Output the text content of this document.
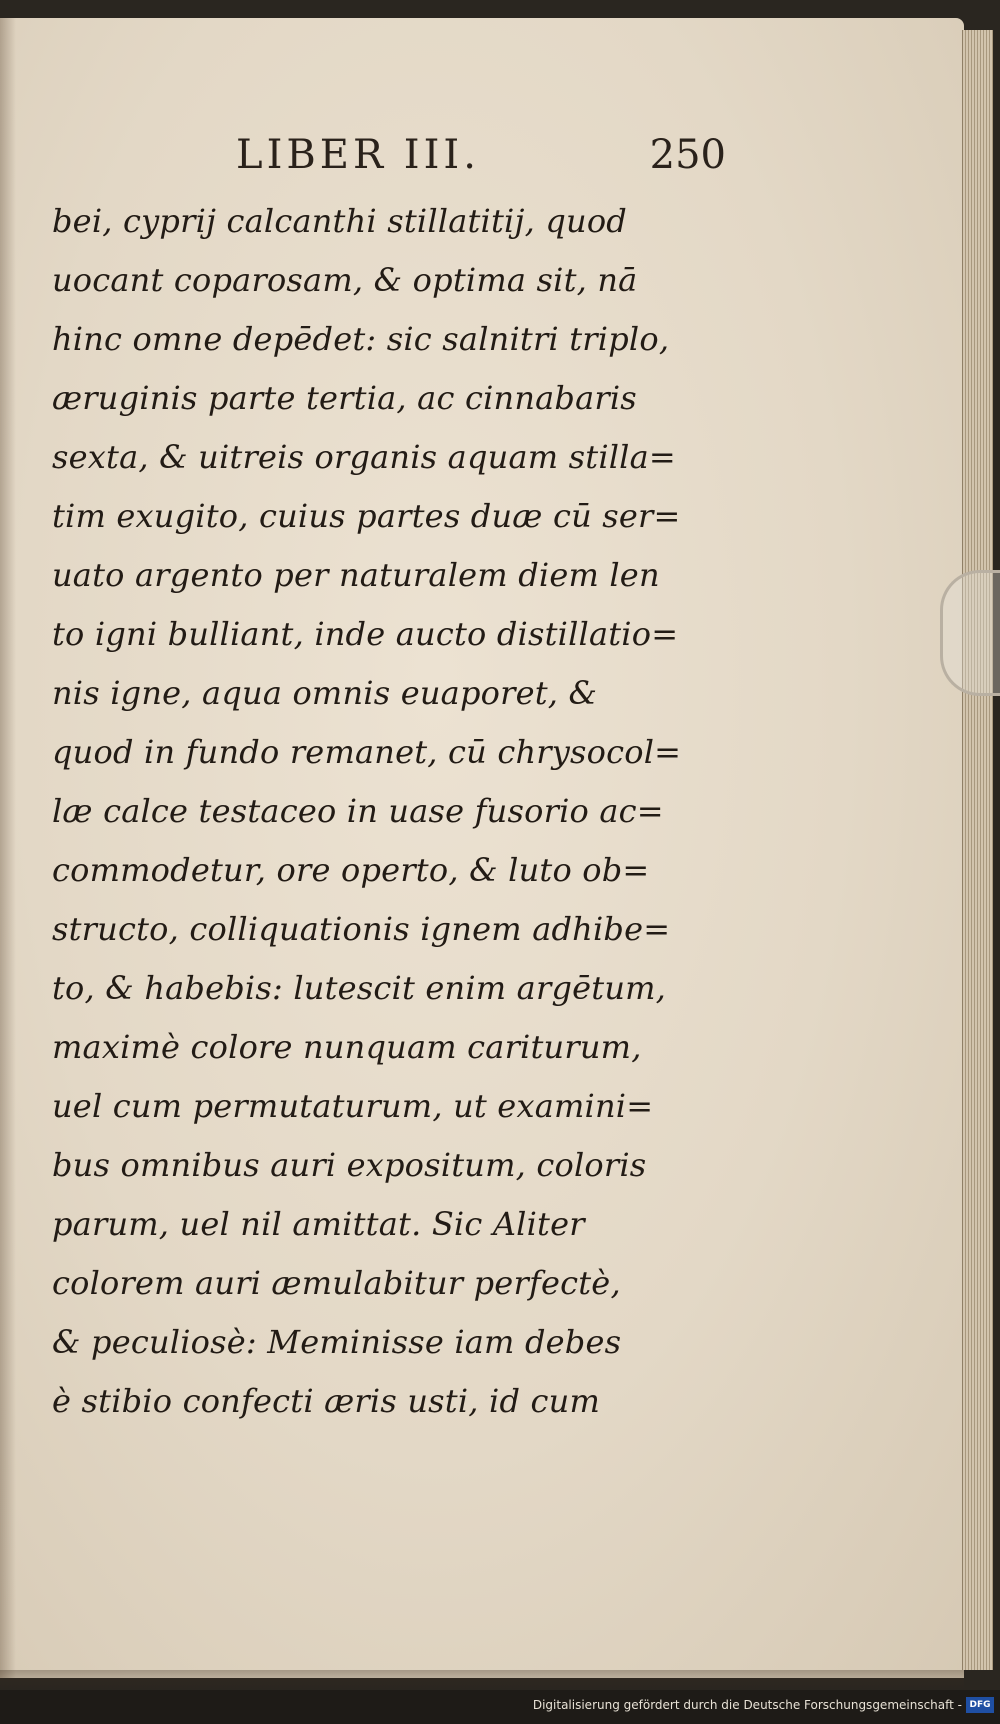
LIBER III.	250
bei, cyprij calcanthi stillatitij, quod
uocant coparosam, & optima sit, nā
hinc omne depēdet: sic salnitri triplo,
æruginis parte tertia, ac cinnabaris
sexta, & uitreis organis aquam stilla=
tim exugito, cuius partes duæ cū ser=
uato argento per naturalem diem len
to igni bulliant, inde aucto distillatio=
nis igne, aqua omnis euaporet, &
quod in fundo remanet, cū chrysocol=
læ calce testaceo in uase fusorio ac=
commodetur, ore operto, & luto ob=
structo, colliquationis ignem adhibe=
to, & habebis: lutescit enim argētum,
maximè colore nunquam cariturum,
uel cum permutaturum, ut examini=
bus omnibus auri expositum, coloris
parum, uel nil amittat. Sic Aliter
colorem auri æmulabitur perfectè,
& peculiosè: Meminisse iam debes
è stibio confecti æris usti, id cum
Digitalisierung gefördert durch die Deutsche Forschungsgemeinschaft - DFG
